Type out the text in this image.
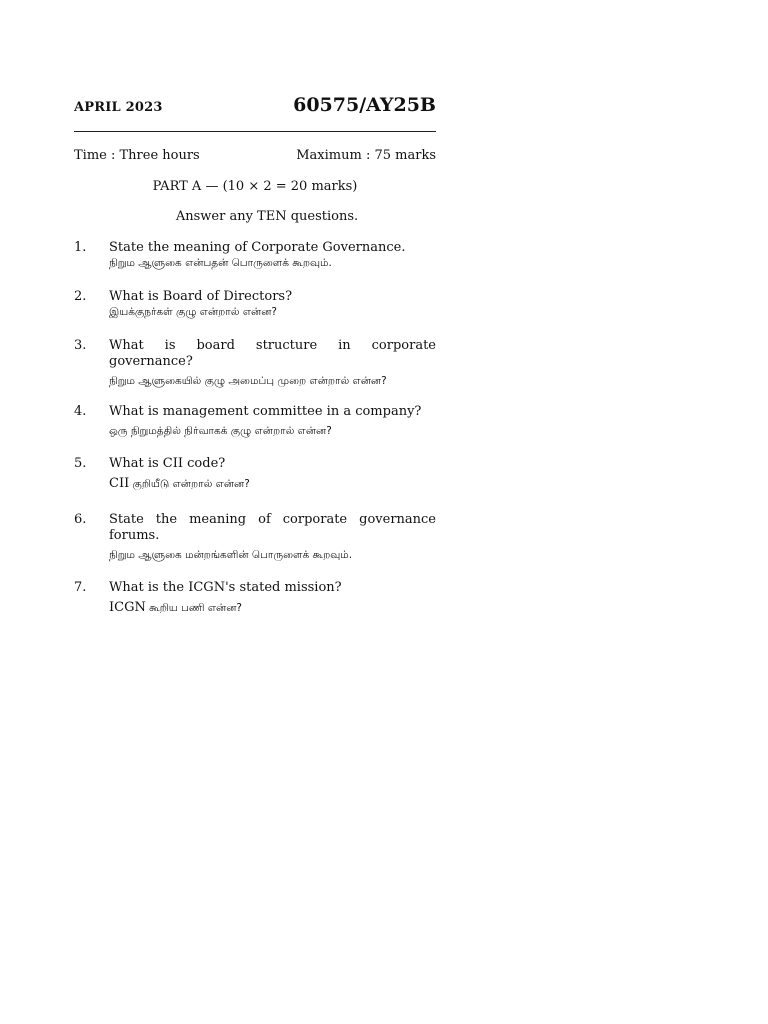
APRIL 2023	60575/AY25B
Time : Three hours	Maximum : 75 marks
PART A — (10 × 2 = 20 marks)
Answer any TEN questions.
1. State the meaning of Corporate Governance.
நிறும ஆளுகை என்பதன் பொருளைக் கூறவும்.
2. What is Board of Directors?
இயக்குநர்கள் குழு என்றால் என்ன?
3. What is board structure in corporate governance?
நிறும ஆளுகையில் குழு அமைப்பு முறை என்றால் என்ன?
4. What is management committee in a company?
ஒரு நிறுமத்தில் நிர்வாகக் குழு என்றால் என்ன?
5. What is CII code?
CII குறியீடு என்றால் என்ன?
6. State the meaning of corporate governance forums.
நிறும ஆளுகை மன்றங்களின் பொருளைக் கூறவும்.
7. What is the ICGN's stated mission?
ICGN கூறிய பணி என்ன?
